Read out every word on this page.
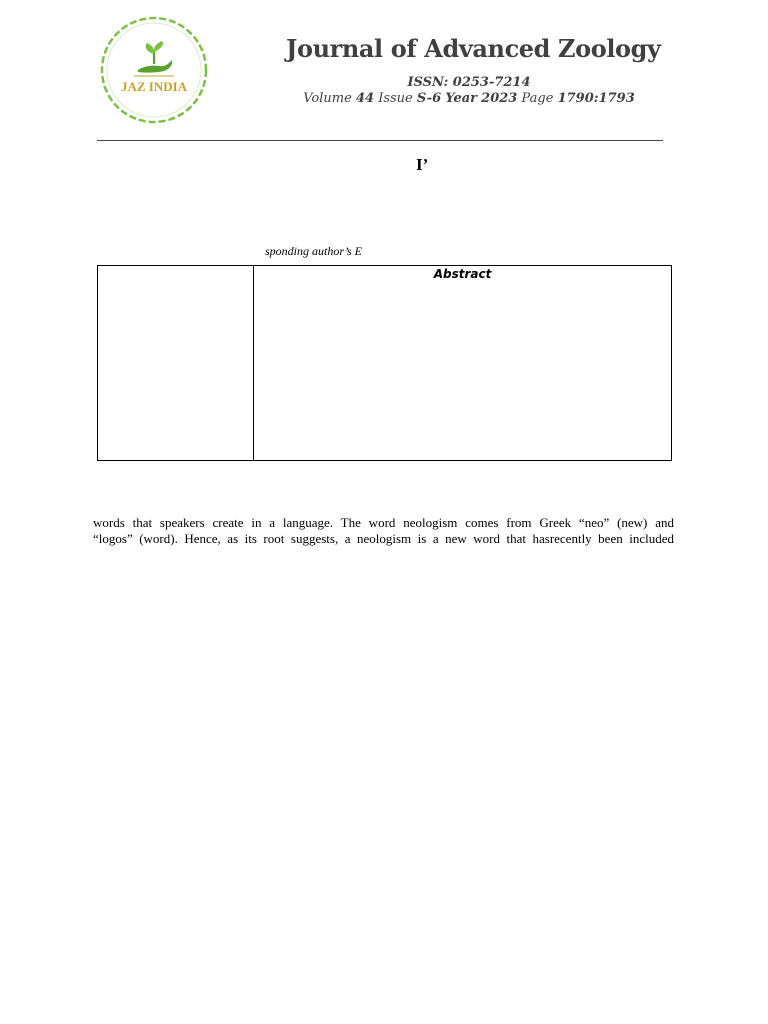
JAZ INDIA
Journal of Advanced Zoology
ISSN: 0253-7214
Volume 44 Issue S-6 Year 2023 Page 1790:1793
I’
sponding author’s E
Abstract
words that speakers create in a language. The word neologism comes from Greek “neo” (new) and
“logos” (word). Hence, as its root suggests, a neologism is a new word that hasrecently been included
